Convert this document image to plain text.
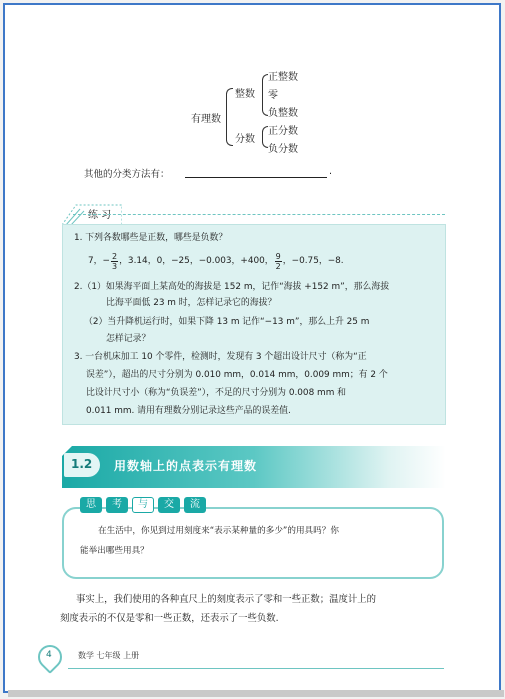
有理数
整数
正整数
零
负整数
分数
正分数
负分数
其他的分类方法有：	.
练 习
1. 下列各数哪些是正数，哪些是负数？
7，− $\frac{2}{3}$ ，3.14，0，−25，−0.003，+400， $\frac{9}{2}$ ，−0.75，−8.
2.（1）如果海平面上某高处的海拔是 152 m，记作“海拔 +152 m”，那么海拔
比海平面低 23 m 时，怎样记录它的海拔？
（2）当升降机运行时，如果下降 13 m 记作“−13 m”，那么上升 25 m
怎样记录？
3. 一台机床加工 10 个零件，检测时，发现有 3 个超出设计尺寸（称为“正
误差”），超出的尺寸分别为 0.010 mm，0.014 mm，0.009 mm；有 2 个
比设计尺寸小（称为“负误差”），不足的尺寸分别为 0.008 mm 和
0.011 mm. 请用有理数分别记录这些产品的误差值.
1.2 用数轴上的点表示有理数
思	考	与	交	流
在生活中，你见到过用刻度来“表示某种量的多少”的用具吗？你
能举出哪些用具？
事实上，我们使用的各种直尺上的刻度表示了零和一些正数；温度计上的
刻度表示的不仅是零和一些正数，还表示了一些负数.
4	数学 七年级 上册
